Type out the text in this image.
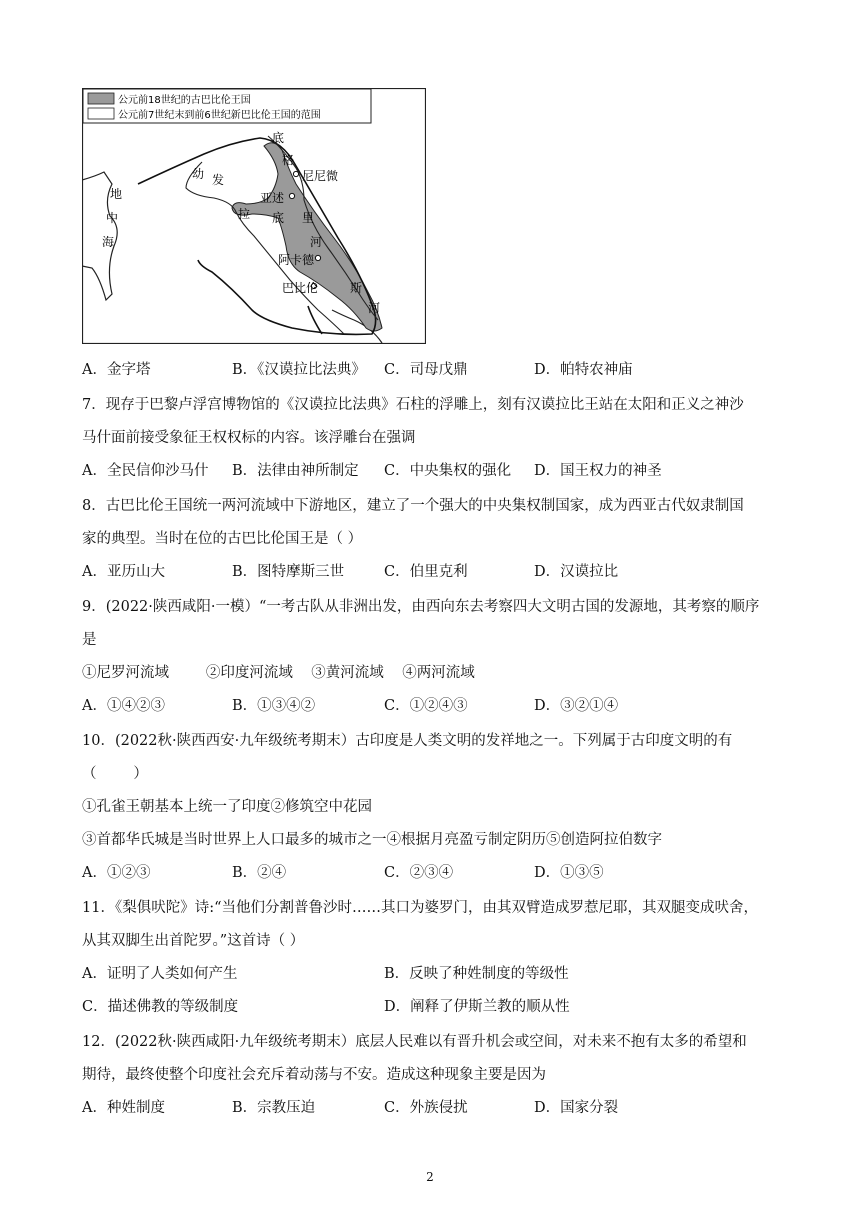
公元前18世纪的古巴比伦王国
公元前7世纪末到前6世纪新巴比伦王国的范围
地
中
海
幼 发
拉
底
格
尼尼微
亚述
底 里
河
阿卡德
巴比伦	斯
河
A．金字塔	B．《汉谟拉比法典》 C．司母戊鼎	D．帕特农神庙
7．现存于巴黎卢浮宫博物馆的《汉谟拉比法典》石柱的浮雕上，刻有汉谟拉比王站在太阳和正义之神沙
马什面前接受象征王权权标的内容。该浮雕台在强调
A．全民信仰沙马什 B．法律由神所制定 C．中央集权的强化 D．国王权力的神圣
8．古巴比伦王国统一两河流域中下游地区，建立了一个强大的中央集权制国家，成为西亚古代奴隶制国
家的典型。当时在位的古巴比伦国王是（ ）
A．亚历山大	B．图特摩斯三世	C．伯里克利	D．汉谟拉比
9．(2022·陕西咸阳·一模）“一考古队从非洲出发，由西向东去考察四大文明古国的发源地，其考察的顺序
是
①尼罗河流域        ②印度河流域    ③黄河流域    ④两河流域
A．①④②③	B．①③④②	C．①②④③	D．③②①④
10．(2022秋·陕西西安·九年级统考期末）古印度是人类文明的发祥地之一。下列属于古印度文明的有
（        ）
①孔雀王朝基本上统一了印度②修筑空中花园
③首都华氏城是当时世界上人口最多的城市之一④根据月亮盈亏制定阴历⑤创造阿拉伯数字
A．①②③	B．②④	C．②③④	D．①③⑤
11．《梨俱吠陀》诗:“当他们分割普鲁沙时……其口为婆罗门，由其双臂造成罗惹尼耶，其双腿变成吠舍，
从其双脚生出首陀罗。”这首诗（ ）
A．证明了人类如何产生	B．反映了种姓制度的等级性
C．描述佛教的等级制度	D．阐释了伊斯兰教的顺从性
12．(2022秋·陕西咸阳·九年级统考期末）底层人民难以有晋升机会或空间，对未来不抱有太多的希望和
期待，最终使整个印度社会充斥着动荡与不安。造成这种现象主要是因为
A．种姓制度	B．宗教压迫	C．外族侵扰	D．国家分裂
2
